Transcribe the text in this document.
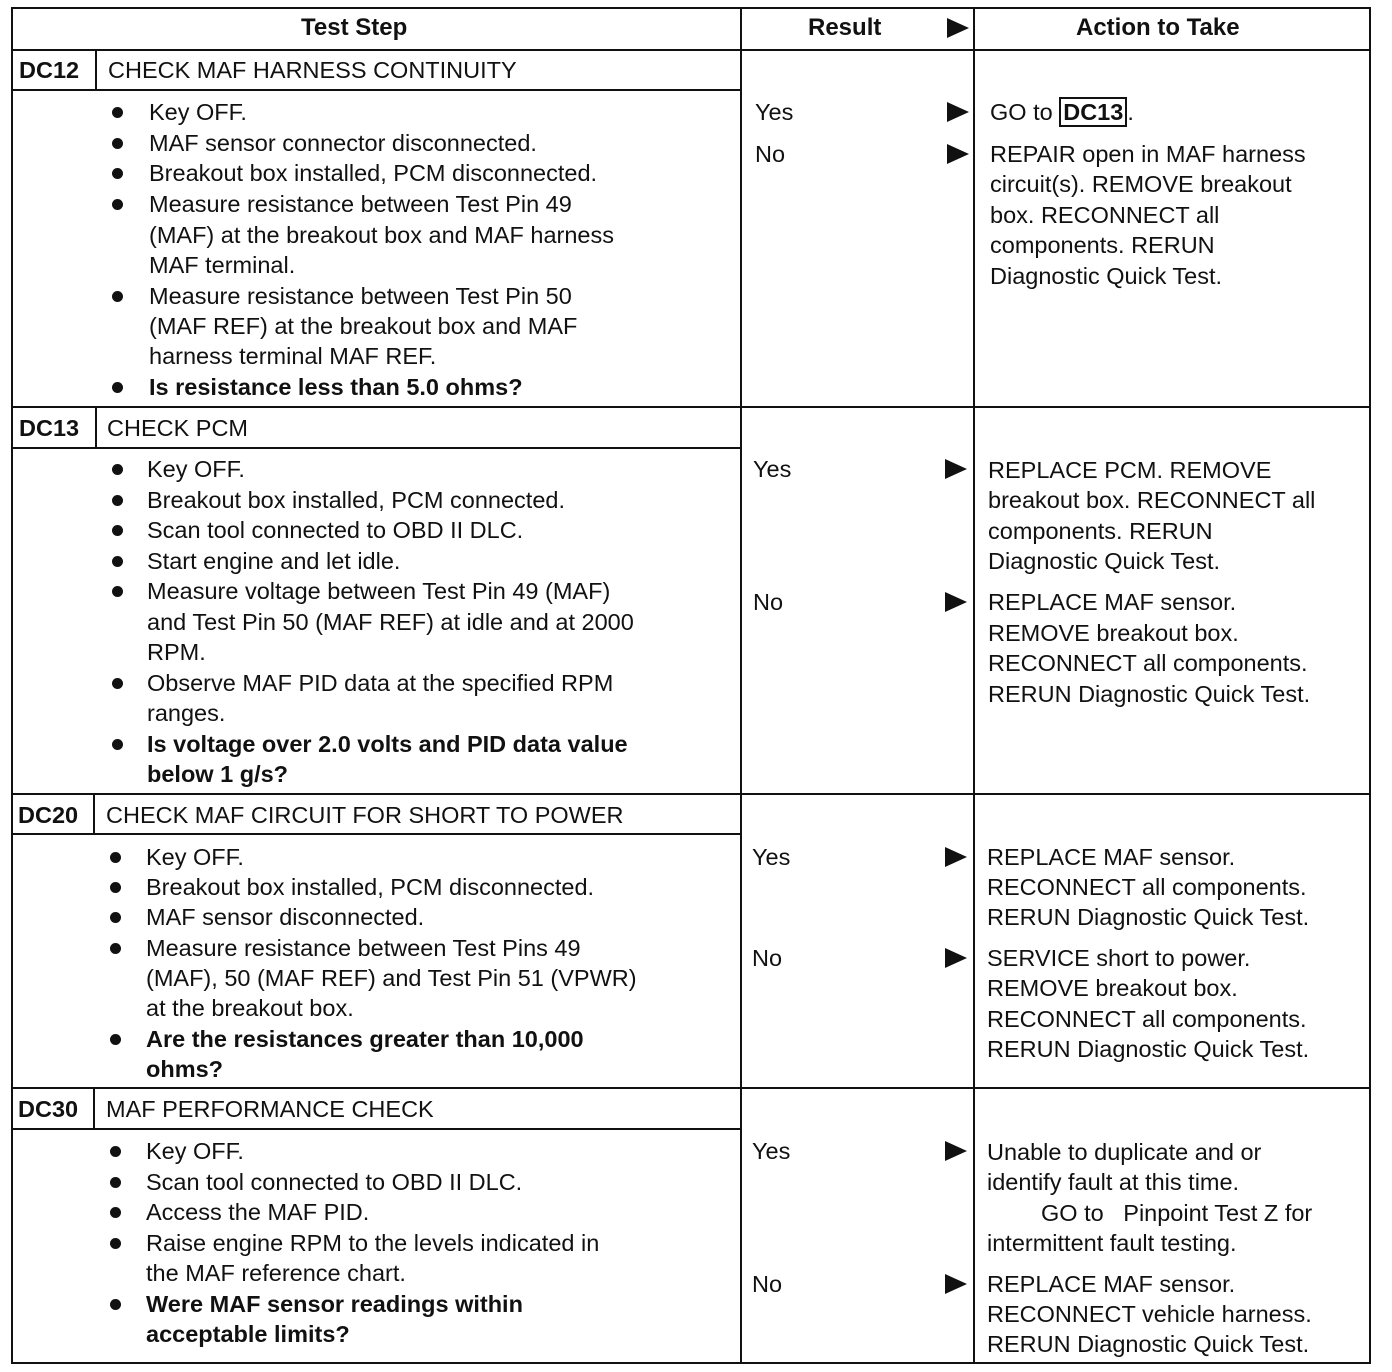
Test Step	Result	Action to Take
DC12 CHECK MAF HARNESS CONTINUITY
Key OFF.
MAF sensor connector disconnected.
Breakout box installed, PCM disconnected.
Measure resistance between Test Pin 49
(MAF) at the breakout box and MAF harness
MAF terminal.
Measure resistance between Test Pin 50
(MAF REF) at the breakout box and MAF
harness terminal MAF REF.
Is resistance less than 5.0 ohms?
Yes
No
GO to DC13 .
REPAIR open in MAF harness
circuit(s). REMOVE breakout
box. RECONNECT all
components. RERUN
Diagnostic Quick Test.
DC13 CHECK PCM
Key OFF.
Breakout box installed, PCM connected.
Scan tool connected to OBD II DLC.
Start engine and let idle.
Measure voltage between Test Pin 49 (MAF)
and Test Pin 50 (MAF REF) at idle and at 2000
RPM.
Observe MAF PID data at the specified RPM
ranges.
Is voltage over 2.0 volts and PID data value
below 1 g/s?
Yes
No
REPLACE PCM. REMOVE
breakout box. RECONNECT all
components. RERUN
Diagnostic Quick Test.
REPLACE MAF sensor.
REMOVE breakout box.
RECONNECT all components.
RERUN Diagnostic Quick Test.
DC20 CHECK MAF CIRCUIT FOR SHORT TO POWER
Key OFF.
Breakout box installed, PCM disconnected.
MAF sensor disconnected.
Measure resistance between Test Pins 49
(MAF), 50 (MAF REF) and Test Pin 51 (VPWR)
at the breakout box.
Are the resistances greater than 10,000
ohms?
Yes
No
REPLACE MAF sensor.
RECONNECT all components.
RERUN Diagnostic Quick Test.
SERVICE short to power.
REMOVE breakout box.
RECONNECT all components.
RERUN Diagnostic Quick Test.
DC30 MAF PERFORMANCE CHECK
Key OFF.
Scan tool connected to OBD II DLC.
Access the MAF PID.
Raise engine RPM to the levels indicated in
the MAF reference chart.
Were MAF sensor readings within
acceptable limits?
Yes
No
Unable to duplicate and or
identify fault at this time.
GO to   Pinpoint Test Z for
intermittent fault testing.
REPLACE MAF sensor.
RECONNECT vehicle harness.
RERUN Diagnostic Quick Test.
